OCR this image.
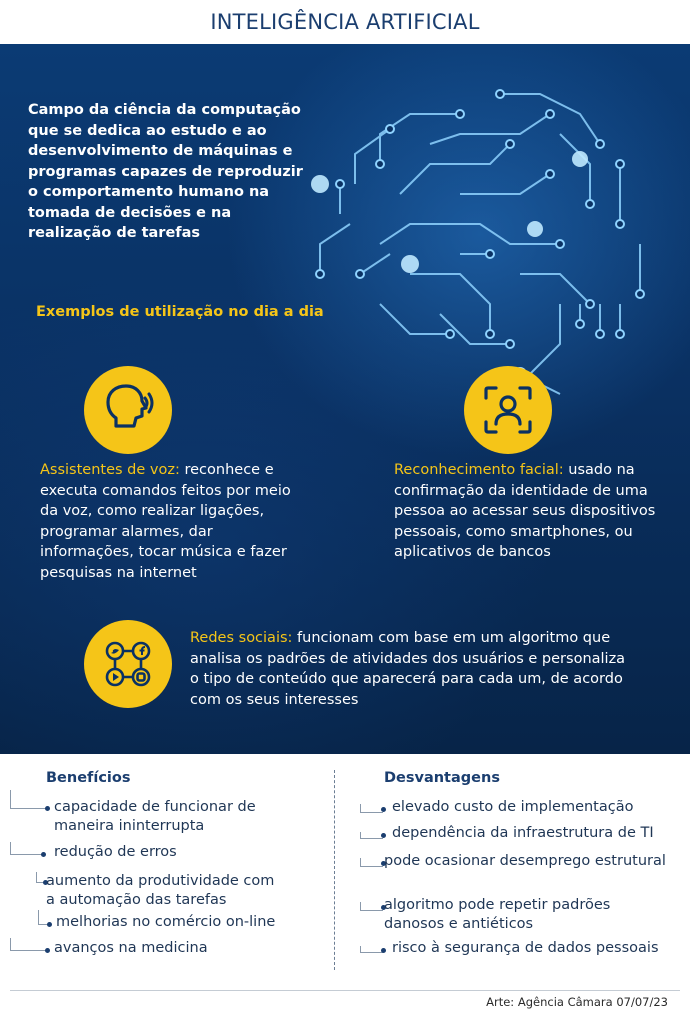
INTELIGÊNCIA ARTIFICIAL
Campo da ciência da computação que se dedica ao estudo e ao desenvolvimento de máquinas e programas capazes de reproduzir o comportamento humano na tomada de decisões e na realização de tarefas
Exemplos de utilização no dia a dia
Assistentes de voz: reconhece e executa comandos feitos por meio da voz, como realizar ligações, programar alarmes, dar informações, tocar música e fazer pesquisas na internet
Reconhecimento facial: usado na confirmação da identidade de uma pessoa ao acessar seus dispositivos pessoais, como smartphones, ou aplicativos de bancos
Redes sociais: funcionam com base em um algoritmo que analisa os padrões de atividades dos usuários e personaliza o tipo de conteúdo que aparecerá para cada um, de acordo com os seus interesses
Benefícios	Desvantagens
capacidade de funcionar de maneira ininterrupta
redução de erros
aumento da produtividade com a automação das tarefas
melhorias no comércio on-line
avanços na medicina
elevado custo de implementação
dependência da infraestrutura de TI
pode ocasionar desemprego estrutural
algoritmo pode repetir padrões danosos e antiéticos
risco à segurança de dados pessoais
Arte: Agência Câmara 07/07/23
